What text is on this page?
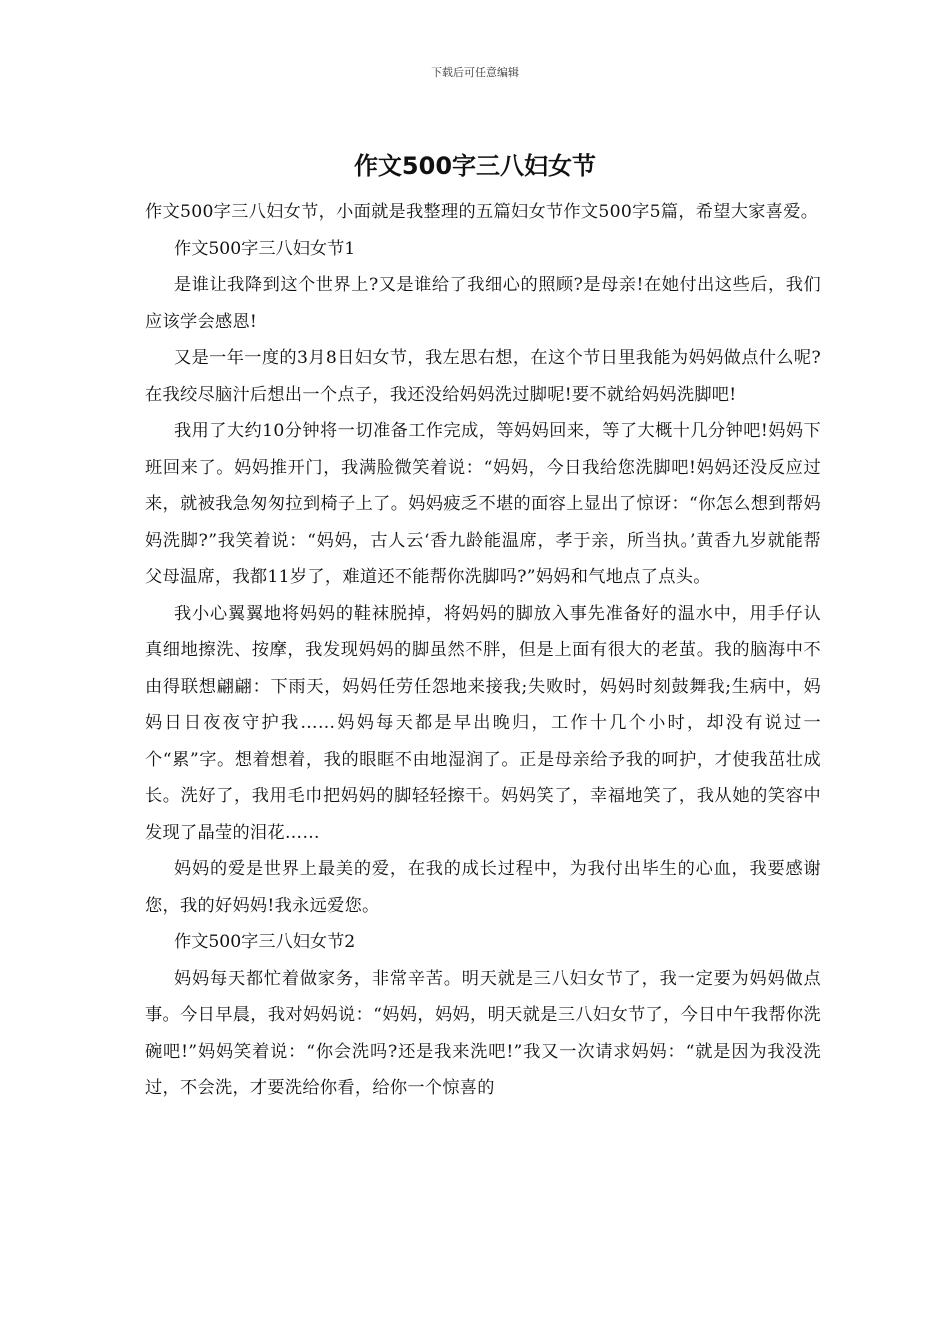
下载后可任意编辑
作文500字三八妇女节

作文500字三八妇女节，小面就是我整理的五篇妇女节作文500字5篇，希望大家喜爱。

作文500字三八妇女节1

是谁让我降到这个世界上?又是谁给了我细心的照顾?是母亲!在她付出这些后，我们应该学会感恩!

又是一年一度的3月8日妇女节，我左思右想，在这个节日里我能为妈妈做点什么呢?在我绞尽脑汁后想出一个点子，我还没给妈妈洗过脚呢!要不就给妈妈洗脚吧!

我用了大约10分钟将一切准备工作完成，等妈妈回来，等了大概十几分钟吧!妈妈下班回来了。妈妈推开门，我满脸微笑着说：“妈妈，今日我给您洗脚吧!妈妈还没反应过来，就被我急匆匆拉到椅子上了。妈妈疲乏不堪的面容上显出了惊讶：“你怎么想到帮妈妈洗脚?”我笑着说：“妈妈，古人云‘香九龄能温席，孝于亲，所当执。’黄香九岁就能帮父母温席，我都11岁了，难道还不能帮你洗脚吗?”妈妈和气地点了点头。

我小心翼翼地将妈妈的鞋袜脱掉，将妈妈的脚放入事先准备好的温水中，用手仔认真细地擦洗、按摩，我发现妈妈的脚虽然不胖，但是上面有很大的老茧。我的脑海中不由得联想翩翩：下雨天，妈妈任劳任怨地来接我;失败时，妈妈时刻鼓舞我;生病中，妈妈日日夜夜守护我……妈妈每天都是早出晚归，工作十几个小时，却没有说过一个“累”字。想着想着，我的眼眶不由地湿润了。正是母亲给予我的呵护，才使我茁壮成长。洗好了，我用毛巾把妈妈的脚轻轻擦干。妈妈笑了，幸福地笑了，我从她的笑容中发现了晶莹的泪花……

妈妈的爱是世界上最美的爱，在我的成长过程中，为我付出毕生的心血，我要感谢您，我的好妈妈!我永远爱您。

作文500字三八妇女节2

妈妈每天都忙着做家务，非常辛苦。明天就是三八妇女节了，我一定要为妈妈做点事。今日早晨，我对妈妈说：“妈妈，妈妈，明天就是三八妇女节了，今日中午我帮你洗碗吧!”妈妈笑着说：“你会洗吗?还是我来洗吧!”我又一次请求妈妈：“就是因为我没洗过，不会洗，才要洗给你看，给你一个惊喜的
